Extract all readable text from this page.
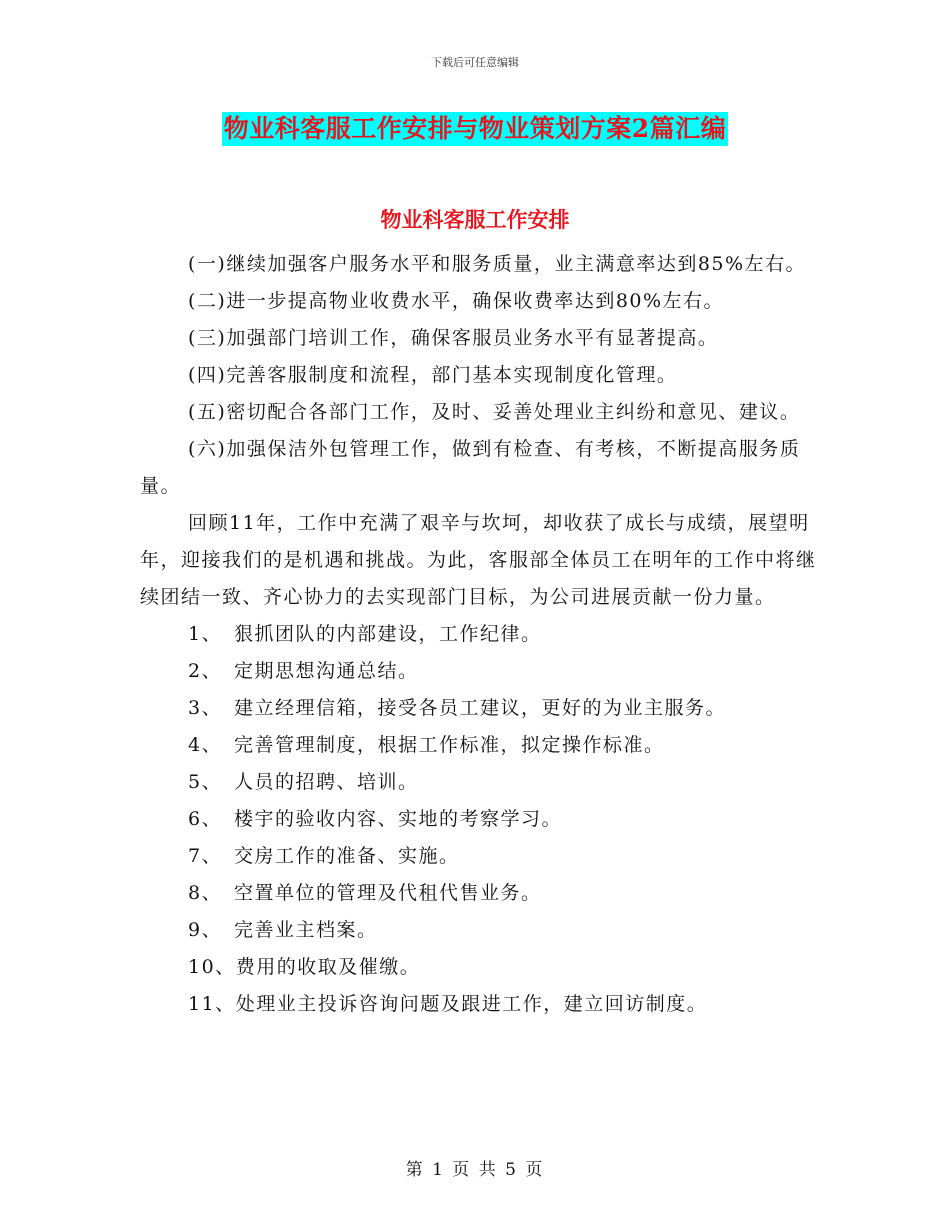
下载后可任意编辑
物业科客服工作安排与物业策划方案2篇汇编
物业科客服工作安排

(一)继续加强客户服务水平和服务质量，业主满意率达到85%左右。

(二)进一步提高物业收费水平，确保收费率达到80%左右。

(三)加强部门培训工作，确保客服员业务水平有显著提高。

(四)完善客服制度和流程，部门基本实现制度化管理。

(五)密切配合各部门工作，及时、妥善处理业主纠纷和意见、建议。

(六)加强保洁外包管理工作，做到有检查、有考核，不断提高服务质量。

回顾11年，工作中充满了艰辛与坎坷，却收获了成长与成绩，展望明年，迎接我们的是机遇和挑战。为此，客服部全体员工在明年的工作中将继续团结一致、齐心协力的去实现部门目标，为公司进展贡献一份力量。

1、 狠抓团队的内部建设，工作纪律。

2、 定期思想沟通总结。

3、 建立经理信箱，接受各员工建议，更好的为业主服务。

4、 完善管理制度，根据工作标准，拟定操作标准。

5、 人员的招聘、培训。

6、 楼宇的验收内容、实地的考察学习。

7、 交房工作的准备、实施。

8、 空置单位的管理及代租代售业务。

9、 完善业主档案。

10、费用的收取及催缴。

11、处理业主投诉咨询问题及跟进工作，建立回访制度。

第 1 页 共 5 页
